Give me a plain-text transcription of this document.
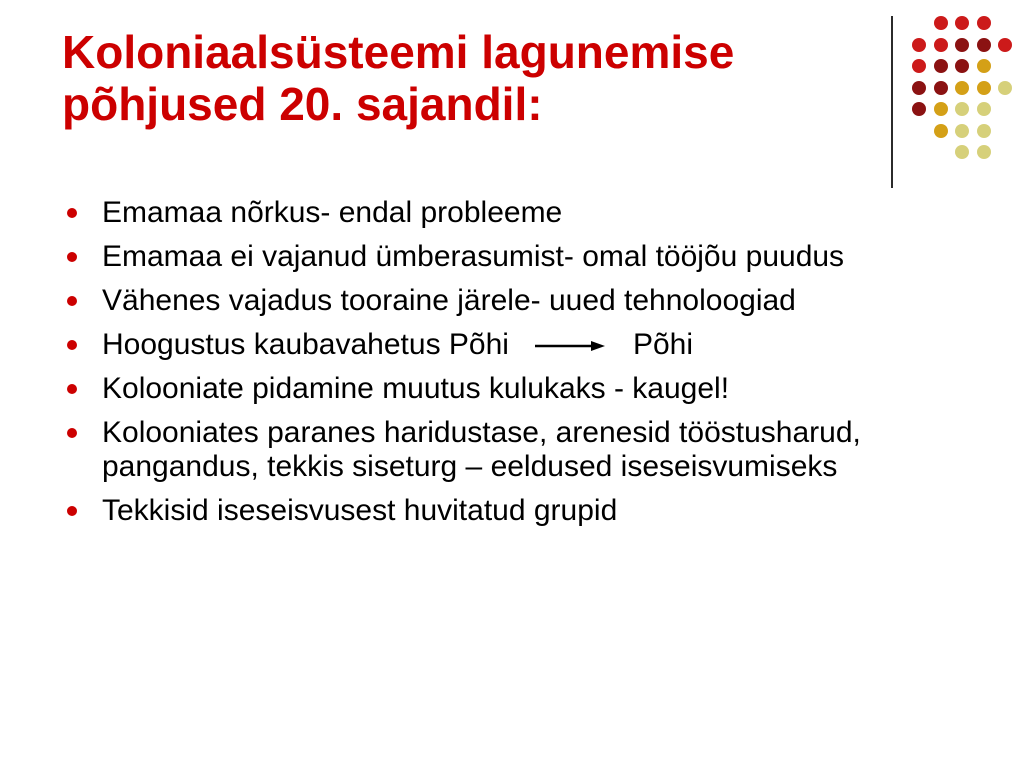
Koloniaalsüsteemi lagunemise
põhjused 20. sajandil:
Emamaa nõrkus- endal probleeme
Emamaa ei vajanud ümberasumist- omal tööjõu puudus
Vähenes vajadus tooraine järele- uued tehnoloogiad
Hoogustus kaubavahetus Põhi	Põhi
Kolooniate pidamine muutus kulukaks - kaugel!
Kolooniates paranes haridustase, arenesid tööstusharud, pangandus, tekkis siseturg – eeldused iseseisvumiseks
Tekkisid iseseisvusest huvitatud grupid
